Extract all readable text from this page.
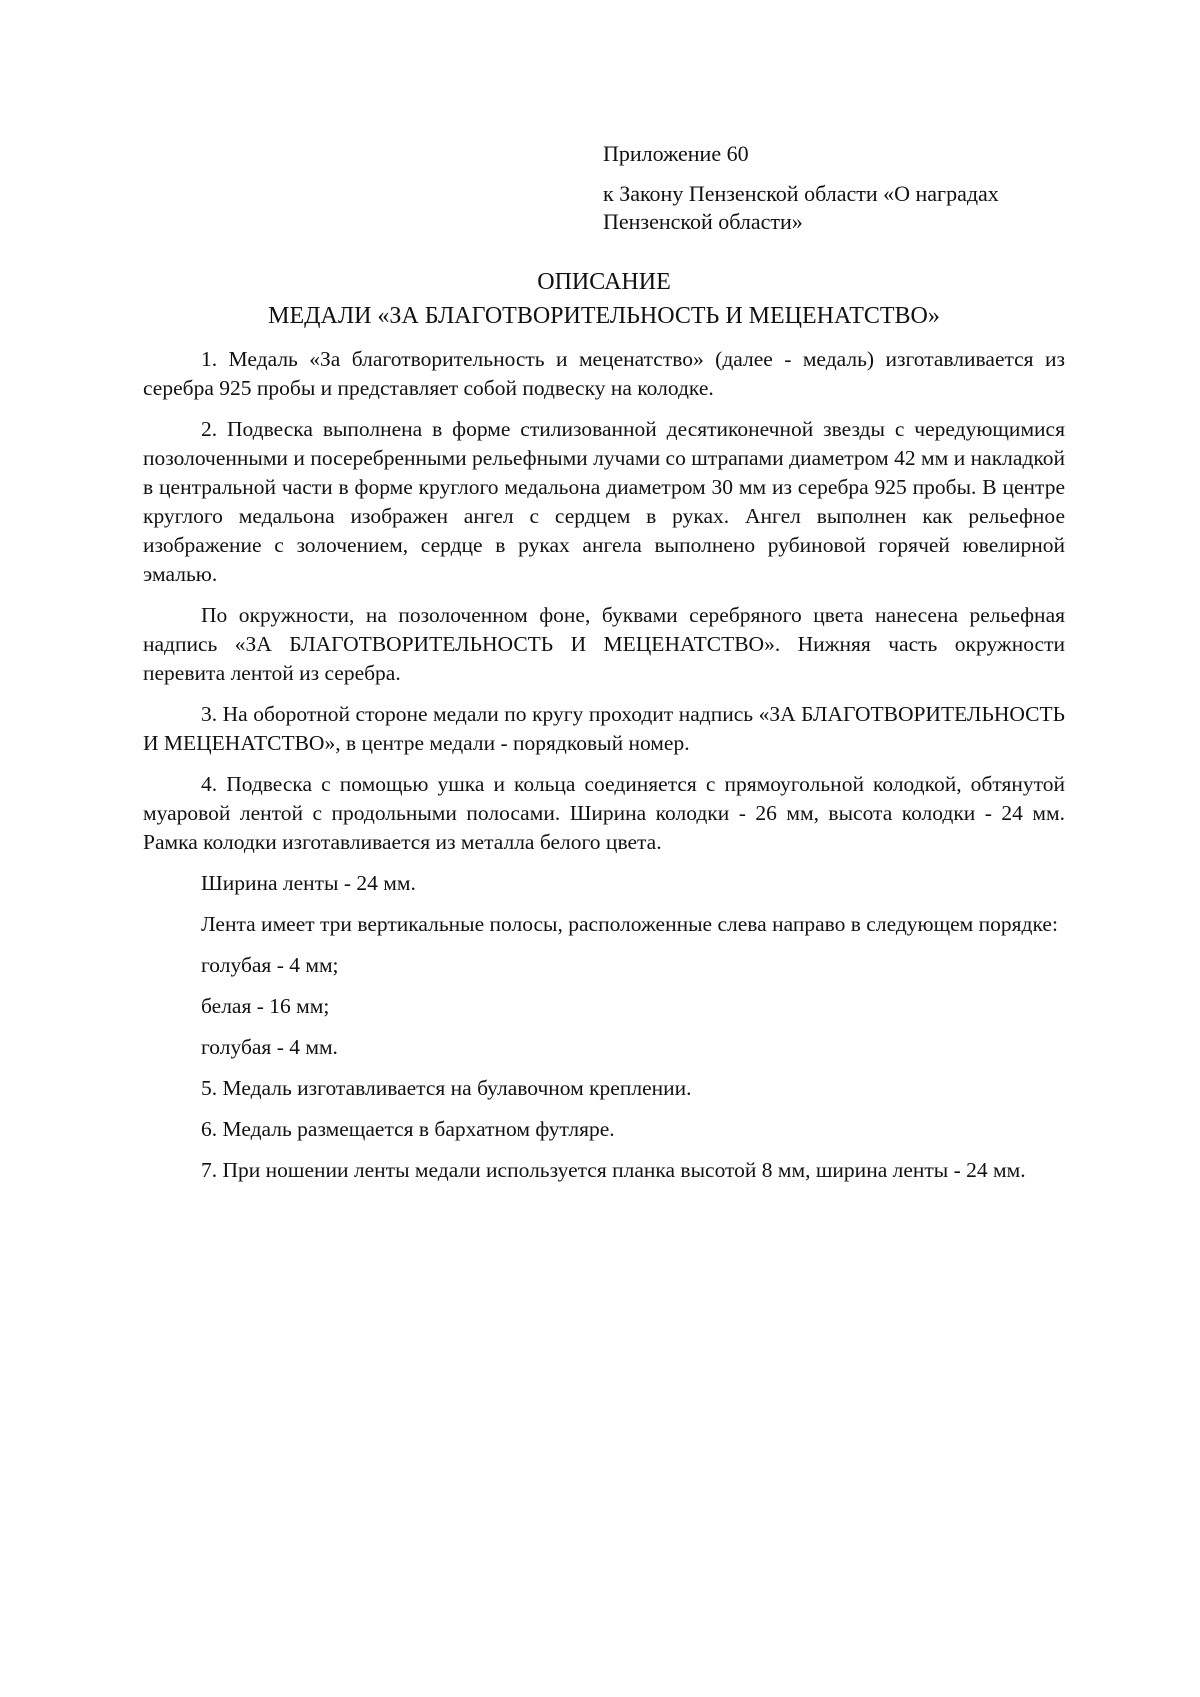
Приложение 60
к Закону Пензенской области «О наградах Пензенской области»
ОПИСАНИЕ
МЕДАЛИ «ЗА БЛАГОТВОРИТЕЛЬНОСТЬ И МЕЦЕНАТСТВО»

1. Медаль «За благотворительность и меценатство» (далее - медаль) изготавливается из серебра 925 пробы и представляет собой подвеску на колодке.

2. Подвеска выполнена в форме стилизованной десятиконечной звезды с чередующимися позолоченными и посеребренными рельефными лучами со штрапами диаметром 42 мм и накладкой в центральной части в форме круглого медальона диаметром 30 мм из серебра 925 пробы. В центре круглого медальона изображен ангел с сердцем в руках. Ангел выполнен как рельефное изображение с золочением, сердце в руках ангела выполнено рубиновой горячей ювелирной эмалью.

По окружности, на позолоченном фоне, буквами серебряного цвета нанесена рельефная надпись «ЗА БЛАГОТВОРИТЕЛЬНОСТЬ И МЕЦЕНАТСТВО». Нижняя часть окружности перевита лентой из серебра.

3. На оборотной стороне медали по кругу проходит надпись «ЗА БЛАГОТВОРИТЕЛЬНОСТЬ И МЕЦЕНАТСТВО», в центре медали - порядковый номер.

4. Подвеска с помощью ушка и кольца соединяется с прямоугольной колодкой, обтянутой муаровой лентой с продольными полосами. Ширина колодки - 26 мм, высота колодки - 24 мм. Рамка колодки изготавливается из металла белого цвета.

Ширина ленты - 24 мм.

Лента имеет три вертикальные полосы, расположенные слева направо в следующем порядке:

голубая - 4 мм;

белая - 16 мм;

голубая - 4 мм.

5. Медаль изготавливается на булавочном креплении.

6. Медаль размещается в бархатном футляре.

7. При ношении ленты медали используется планка высотой 8 мм, ширина ленты - 24 мм.
